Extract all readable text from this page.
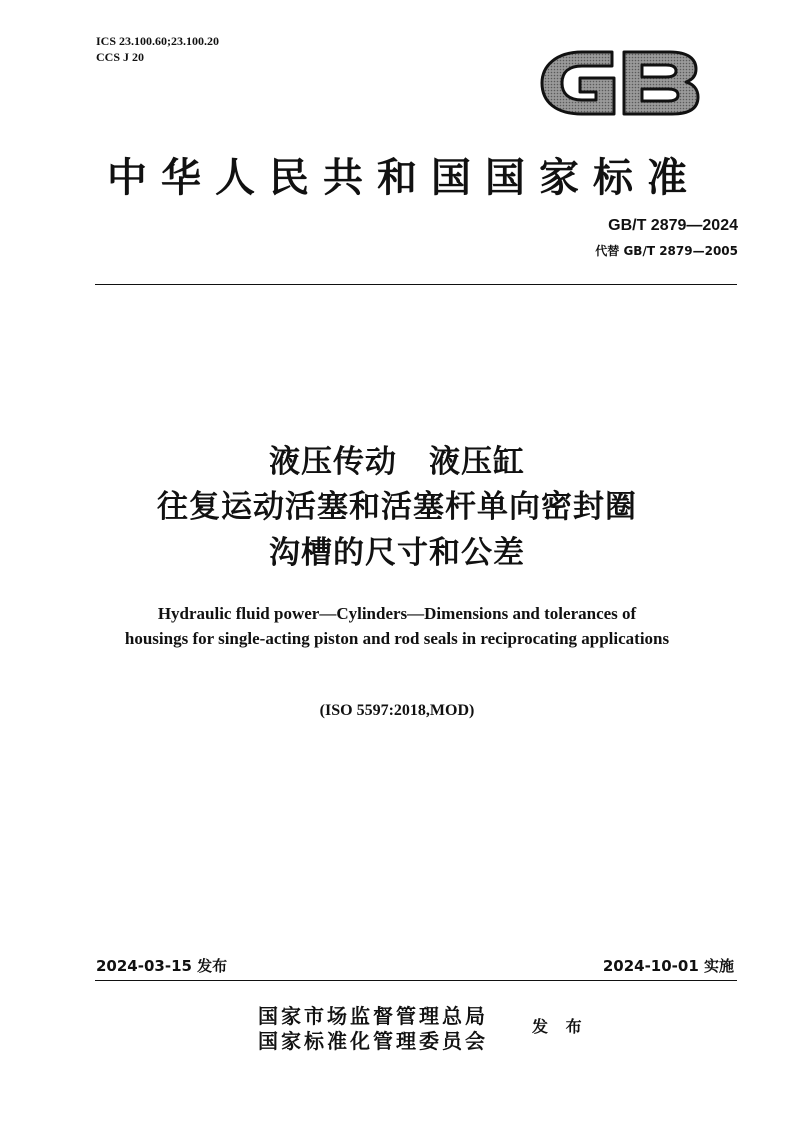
ICS 23.100.60;23.100.20
CCS J 20
中华人民共和国国家标准
GB/T 2879—2024
代替 GB/T 2879—2005
液压传动　液压缸
往复运动活塞和活塞杆单向密封圈
沟槽的尺寸和公差
Hydraulic fluid power—Cylinders—Dimensions and tolerances of
housings for single-acting piston and rod seals in reciprocating applications
(ISO 5597:2018,MOD)
2024-03-15 发布	2024-10-01 实施
国家市场监督管理总局
国家标准化管理委员会
发 布
